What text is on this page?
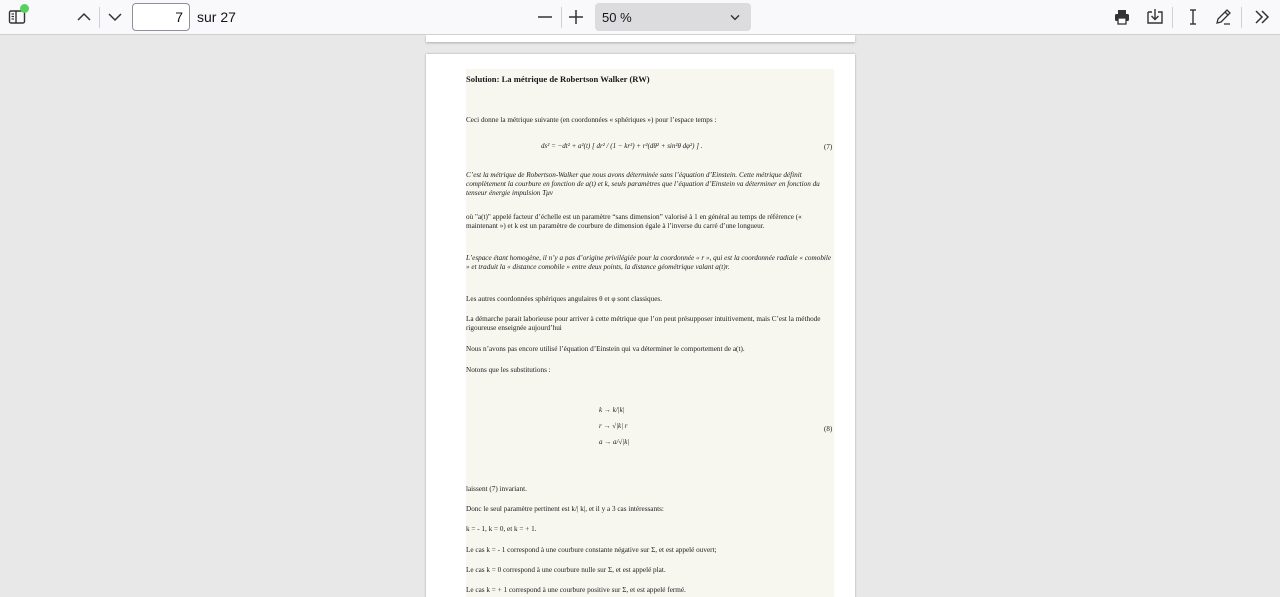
7	sur 27	50 %

Solution: La métrique de Robertson Walker (RW)

Ceci donne la métrique suivante (en coordonnées « sphériques ») pour l’espace temps :

ds² = −dt² + a²(t) [ dr² / (1 − kr²) + r²(dθ² + sin²θ dφ²) ] .	(7)

C’est la métrique de Robertson-Walker que nous avons déterminée sans l’équation d’Einstein. Cette métrique définit complètement la courbure en fonction de a(t) et k, seuls paramètres que l’équation d’Einstein va déterminer en fonction du tenseur énergie impulsion Tμν

où "a(t)" appelé facteur d’échelle est un paramètre “sans dimension” valorisé à 1 en général au temps de référence (« maintenant ») et k est un paramètre de courbure de dimension égale à l’inverse du carré d’une longueur.

L’espace étant homogène, il n’y a pas d’origine privilégiée pour la coordonnée « r », qui est la coordonnée radiale « comobile » et traduit la « distance comobile » entre deux points, la distance géométrique valant a(t)r.

Les autres coordonnées sphériques angulaires θ et φ sont classiques.

La démarche parait laborieuse pour arriver à cette métrique que l’on peut présupposer intuitivement, mais C’est la méthode rigoureuse enseignée aujourd’hui

Nous n’avons pas encore utilisé l’équation d’Einstein qui va déterminer le comportement de a(t).

Notons que les substitutions :

k → k/|k|
r → √|k| r
a → a/√|k|
(8)

laissent (7) invariant.

Donc le seul paramètre pertinent est k/| k|, et il y a 3 cas intéressants:

k = - 1, k = 0, et k = + 1.

Le cas k = - 1 correspond à une courbure constante négative sur Σ, et est appelé ouvert;

Le cas k = 0 correspond à une courbure nulle sur Σ, et est appelé plat.

Le cas k = + 1 correspond à une courbure positive sur Σ, et est appelé fermé.
